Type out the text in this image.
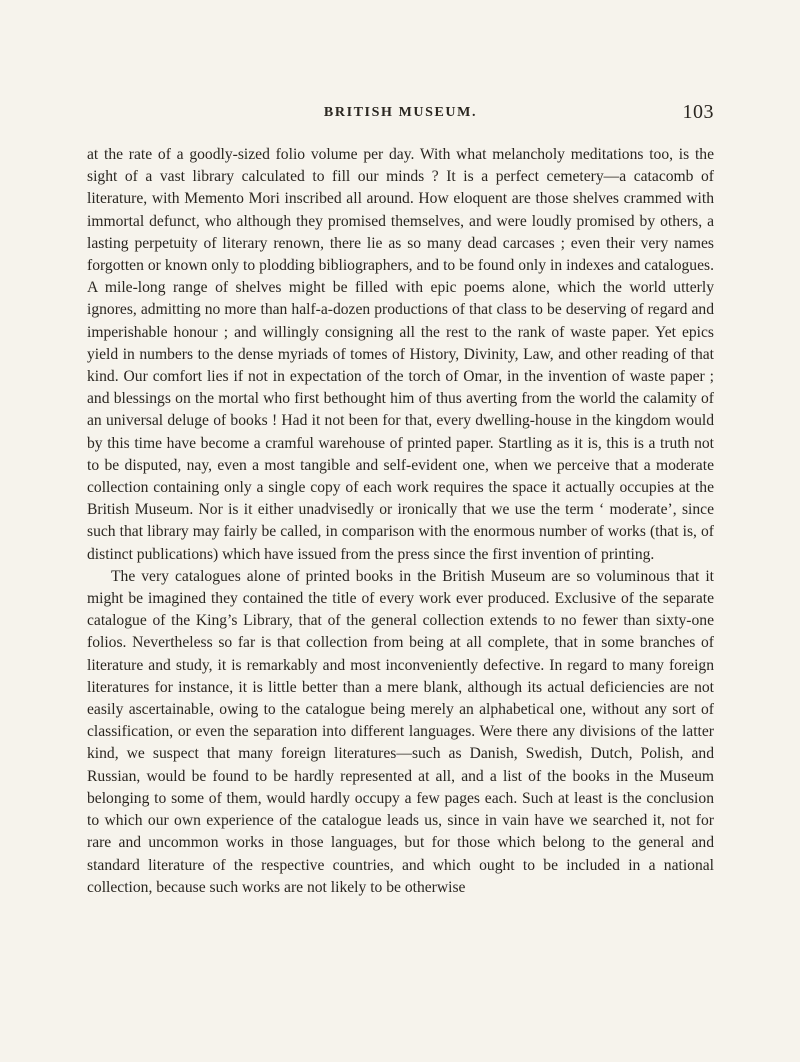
BRITISH MUSEUM.	103

at the rate of a goodly-sized folio volume per day. With what melancholy meditations too, is the sight of a vast library calculated to fill our minds ? It is a perfect cemetery—a catacomb of literature, with Memento Mori inscribed all around. How eloquent are those shelves crammed with immortal defunct, who although they promised themselves, and were loudly promised by others, a lasting perpetuity of literary renown, there lie as so many dead carcases ; even their very names forgotten or known only to plodding bibliographers, and to be found only in indexes and catalogues. A mile-long range of shelves might be filled with epic poems alone, which the world utterly ignores, admitting no more than half-a-dozen productions of that class to be deserving of regard and imperishable honour ; and willingly consigning all the rest to the rank of waste paper. Yet epics yield in numbers to the dense myriads of tomes of History, Divinity, Law, and other reading of that kind. Our comfort lies if not in expectation of the torch of Omar, in the invention of waste paper ; and blessings on the mortal who first bethought him of thus averting from the world the calamity of an universal deluge of books ! Had it not been for that, every dwelling-house in the kingdom would by this time have become a cramful warehouse of printed paper. Startling as it is, this is a truth not to be disputed, nay, even a most tangible and self-evident one, when we perceive that a moderate collection containing only a single copy of each work requires the space it actually occupies at the British Museum. Nor is it either unadvisedly or ironically that we use the term ‘ moderate’, since such that library may fairly be called, in comparison with the enormous number of works (that is, of distinct publications) which have issued from the press since the first invention of printing.

The very catalogues alone of printed books in the British Museum are so voluminous that it might be imagined they contained the title of every work ever produced. Exclusive of the separate catalogue of the King’s Library, that of the general collection extends to no fewer than sixty-one folios. Nevertheless so far is that collection from being at all complete, that in some branches of literature and study, it is remarkably and most inconveniently defective. In regard to many foreign literatures for instance, it is little better than a mere blank, although its actual deficiencies are not easily ascertainable, owing to the catalogue being merely an alphabetical one, without any sort of classification, or even the separation into different languages. Were there any divisions of the latter kind, we suspect that many foreign literatures—such as Danish, Swedish, Dutch, Polish, and Russian, would be found to be hardly represented at all, and a list of the books in the Museum belonging to some of them, would hardly occupy a few pages each. Such at least is the conclusion to which our own experience of the catalogue leads us, since in vain have we searched it, not for rare and uncommon works in those languages, but for those which belong to the general and standard literature of the respective countries, and which ought to be included in a national collection, because such works are not likely to be otherwise
